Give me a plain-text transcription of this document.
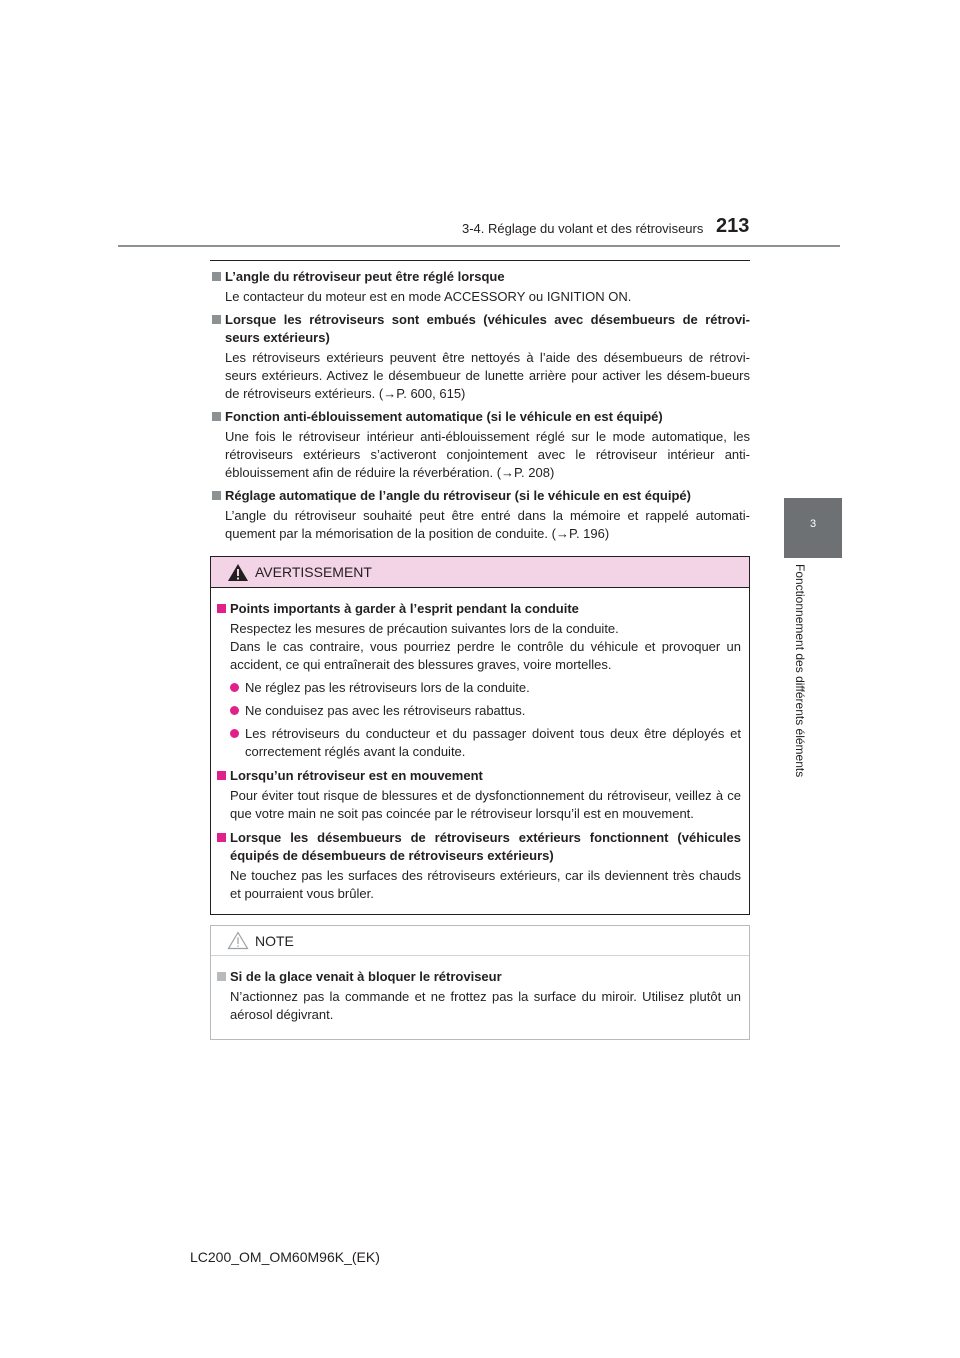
3-4. Réglage du volant et des rétroviseurs 213
3
Fonctionnement des différents éléments
L’angle du rétroviseur peut être réglé lorsque
Le contacteur du moteur est en mode ACCESSORY ou IGNITION ON.
Lorsque les rétroviseurs sont embués (véhicules avec désembueurs de rétrovi-seurs extérieurs)
Les rétroviseurs extérieurs peuvent être nettoyés à l’aide des désembueurs de rétrovi-seurs extérieurs. Activez le désembueur de lunette arrière pour activer les désem-bueurs de rétroviseurs extérieurs. (→P. 600, 615)
Fonction anti-éblouissement automatique (si le véhicule en est équipé)
Une fois le rétroviseur intérieur anti-éblouissement réglé sur le mode automatique, les rétroviseurs extérieurs s’activeront conjointement avec le rétroviseur intérieur anti-éblouissement afin de réduire la réverbération. (→P. 208)
Réglage automatique de l’angle du rétroviseur (si le véhicule en est équipé)
L’angle du rétroviseur souhaité peut être entré dans la mémoire et rappelé automati-quement par la mémorisation de la position de conduite. (→P. 196)
AVERTISSEMENT
Points importants à garder à l’esprit pendant la conduite
Respectez les mesures de précaution suivantes lors de la conduite.
Dans le cas contraire, vous pourriez perdre le contrôle du véhicule et provoquer un accident, ce qui entraînerait des blessures graves, voire mortelles.
Ne réglez pas les rétroviseurs lors de la conduite.
Ne conduisez pas avec les rétroviseurs rabattus.
Les rétroviseurs du conducteur et du passager doivent tous deux être déployés et correctement réglés avant la conduite.
Lorsqu’un rétroviseur est en mouvement
Pour éviter tout risque de blessures et de dysfonctionnement du rétroviseur, veillez à ce que votre main ne soit pas coincée par le rétroviseur lorsqu’il est en mouvement.
Lorsque les désembueurs de rétroviseurs extérieurs fonctionnent (véhicules équipés de désembueurs de rétroviseurs extérieurs)
Ne touchez pas les surfaces des rétroviseurs extérieurs, car ils deviennent très chauds et pourraient vous brûler.
NOTE
Si de la glace venait à bloquer le rétroviseur
N’actionnez pas la commande et ne frottez pas la surface du miroir. Utilisez plutôt un aérosol dégivrant.
LC200_OM_OM60M96K_(EK)
